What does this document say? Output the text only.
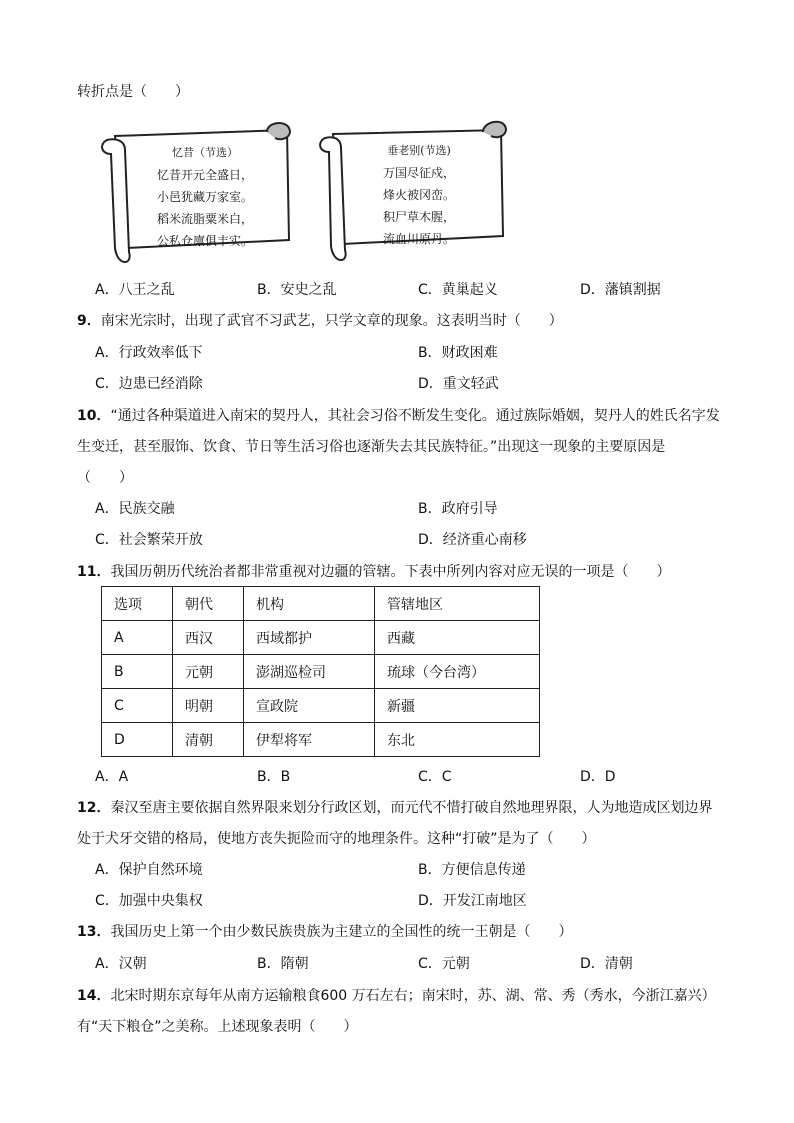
转折点是（　　）
忆昔（节选）
忆昔开元全盛日，
小邑犹藏万家室。
稻米流脂粟米白，
公私仓廪俱丰实。
垂老别(节选)
万国尽征戍，
烽火被冈峦。
积尸草木腥，
流血川原丹。
A．八王之乱	B．安史之乱	C．黄巢起义	D．藩镇割据
9．南宋光宗时，出现了武官不习武艺，只学文章的现象。这表明当时（　　）
A．行政效率低下	B．财政困难
C．边患已经消除	D．重文轻武
10．“通过各种渠道进入南宋的契丹人，其社会习俗不断发生变化。通过族际婚姻，契丹人的姓氏名字发
生变迁，甚至服饰、饮食、节日等生活习俗也逐渐失去其民族特征。”出现这一现象的主要原因是
（　　）
A．民族交融	B．政府引导
C．社会繁荣开放	D．经济重心南移
11．我国历朝历代统治者都非常重视对边疆的管辖。下表中所列内容对应无误的一项是（　　）
选项	朝代	机构	管辖地区
A	西汉	西域都护	西藏
B	元朝	澎湖巡检司	琉球（今台湾）
C	明朝	宣政院	新疆
D	清朝	伊犁将军	东北
A．A	B．B	C．C	D．D
12．秦汉至唐主要依据自然界限来划分行政区划，而元代不惜打破自然地理界限，人为地造成区划边界
处于犬牙交错的格局，使地方丧失扼险而守的地理条件。这种“打破”是为了（　　）
A．保护自然环境	B．方便信息传递
C．加强中央集权	D．开发江南地区
13．我国历史上第一个由少数民族贵族为主建立的全国性的统一王朝是（　　）
A．汉朝	B．隋朝	C．元朝	D．清朝
14．北宋时期东京每年从南方运输粮食600 万石左右；南宋时，苏、湖、常、秀（秀水，今浙江嘉兴）
有“天下粮仓”之美称。上述现象表明（　　）
